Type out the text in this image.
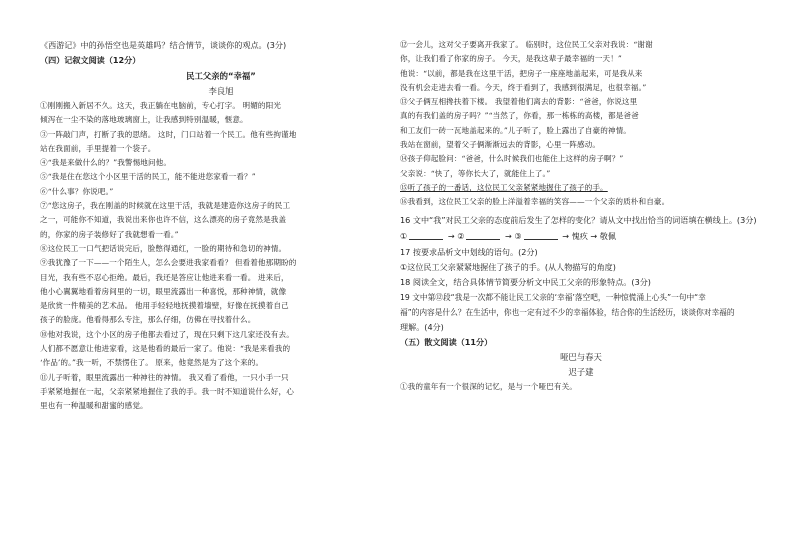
《西游记》中的孙悟空也是英雄吗？结合情节，谈谈你的观点。(3分)
（四）记叙文阅读（12分）
民工父亲的“幸福”
李良旭

①刚刚搬入新居不久。这天，我正躺在电脑前，专心打字。 明媚的阳光

倾泻在一尘不染的落地玻璃窗上，让我感到特别温暖，惬意。

③一阵敲门声，打断了我的思绪。 这时，门口站着一个民工。他有些拘谨地

站在我面前，手里提着一个袋子。

④“我是来做什么的？”我警惕地问他。

⑤“我是住在您这个小区里干活的民工，能不能进您家看一看？”

⑥“什么事？你说吧。”

⑦“您这房子，我在刚盖的时候就在这里干活，我就是建造你这房子的民工

之一，可能你不知道，我说出来你也许不信，这么漂亮的房子竟然是我盖

的，你家的房子装修好了我就想看一看。”

⑧这位民工一口气把话说完后，脸憋得通红，一脸的期待和急切的神情。

⑨我犹豫了一下——一个陌生人，怎么会要进我家看看？ 但看着他那期盼的

目光，我有些不忍心拒绝。最后，我还是答应让他进来看一看。 进来后，

他小心翼翼地看着房间里的一切，眼里流露出一种喜悦，那种神情，就像

是欣赏一件精美的艺术品。 他用手轻轻地抚摸着墙壁，好像在抚摸着自己

孩子的脸庞。他看得那么专注，那么仔细，仿佛在寻找着什么。

⑩他对我说，这个小区的房子他都去看过了，现在只剩下这几家还没有去。

人们都不愿意让他进家看，这是他看的最后一家了。他说：“我是来看我的

‘作品’的。”我一听，不禁愣住了。 原来，他竟然是为了这个来的。

⑪儿子听着，眼里流露出一种神往的神情。 我又看了看他，一只小手一只

手紧紧地握在一起，父亲紧紧地握住了我的手。我一时不知道说什么好，心

里也有一种温暖和甜蜜的感觉。

⑫一会儿，这对父子要离开我家了。 临别时，这位民工父亲对我说：“谢谢

你，让我们看了你家的房子。 今天，是我这辈子最幸福的一天！”

他说：“以前，都是我在这里干活，把房子一座座地盖起来，可是我从来

没有机会走进去看一看。今天，终于看到了，我感到很满足，也很幸福。”

⑬父子俩互相搀扶着下楼。 我望着他们离去的背影：“爸爸，你说这里

真的有我们盖的房子吗？”“当然了，你看，那一栋栋的高楼，都是爸爸

和工友们一砖一瓦地盖起来的。”儿子听了，脸上露出了自豪的神情。

我站在窗前，望着父子俩渐渐远去的背影，心里一阵感动。

⑭孩子仰起脸问：“爸爸，什么时候我们也能住上这样的房子啊？”

父亲说：“快了，等你长大了，就能住上了。”

⑮听了孩子的一番话，这位民工父亲紧紧地握住了孩子的手。

⑯我看到，这位民工父亲的脸上洋溢着幸福的笑容——一个父亲的质朴和自豪。

16 文中“我”对民工父亲的态度前后发生了怎样的变化？请从文中找出恰当的词语填在横线上。(3分)
①	→ ②	→ ③	→ 愧疚 → 敬佩
17 按要求品析文中划线的语句。(2分)
①这位民工父亲紧紧地握住了孩子的手。(从人物描写的角度)
18 阅读全文，结合具体情节简要分析文中民工父亲的形象特点。(3分)
19 文中第⑫段“我是一次都不能让民工父亲的‘幸福’落空吧，一种惊慌涌上心头”一句中“幸
福”的内容是什么？在生活中，你也一定有过不少的幸福体验，结合你的生活经历，谈谈你对幸福的
理解。(4分)
（五）散文阅读（11分）
哑巴与春天
迟子建

①我的童年有一个很深的记忆，是与一个哑巴有关。
